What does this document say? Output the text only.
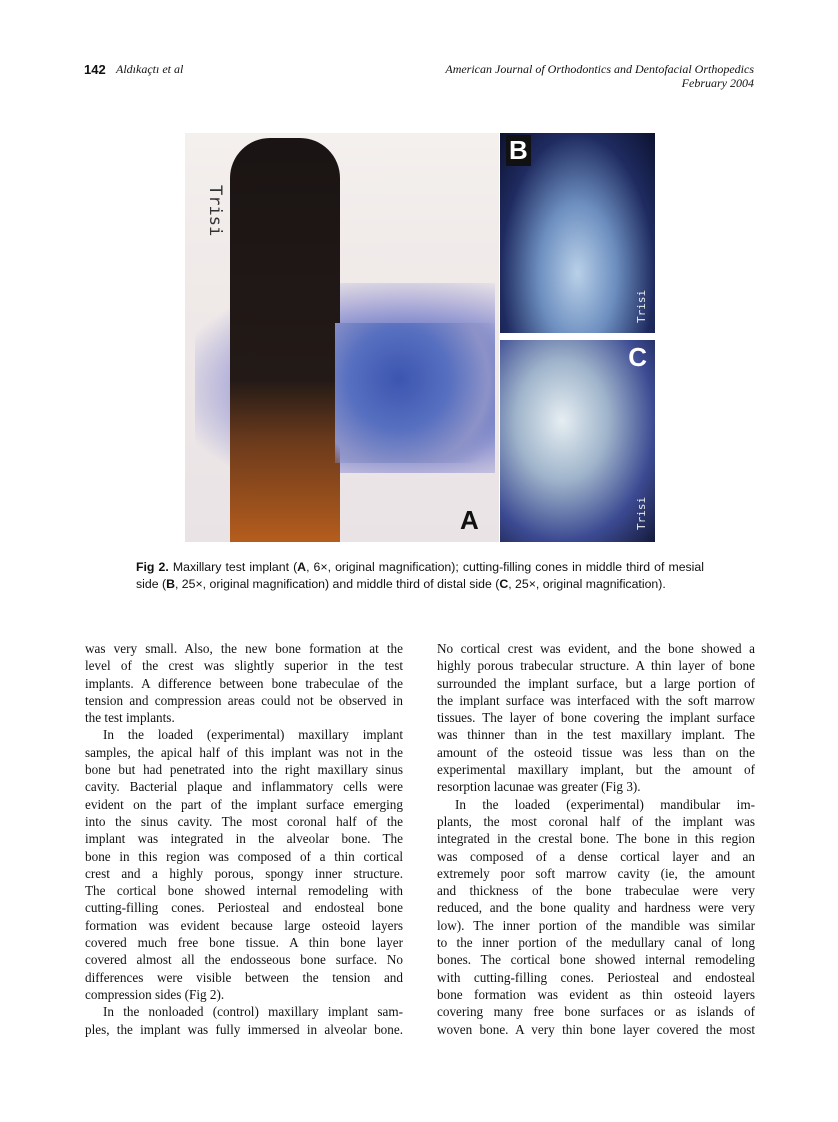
142 Aldıkaçtı et al	American Journal of Orthodontics and Dentofacial Orthopedics
February 2004
Trisi
A
B
Trisi
C
Trisi
Fig 2. Maxillary test implant (A, 6×, original magnification); cutting-filling cones in middle third of mesial side (B, 25×, original magnification) and middle third of distal side (C, 25×, original magnification).
was very small. Also, the new bone formation at the
level of the crest was slightly superior in the test
implants. A difference between bone trabeculae of the
tension and compression areas could not be observed in
the test implants.
In the loaded (experimental) maxillary implant
samples, the apical half of this implant was not in the
bone but had penetrated into the right maxillary sinus
cavity. Bacterial plaque and inflammatory cells were
evident on the part of the implant surface emerging
into the sinus cavity. The most coronal half of the
implant was integrated in the alveolar bone. The
bone in this region was composed of a thin cortical
crest and a highly porous, spongy inner structure.
The cortical bone showed internal remodeling with
cutting-filling cones. Periosteal and endosteal bone
formation was evident because large osteoid layers
covered much free bone tissue. A thin bone layer
covered almost all the endosseous bone surface. No
differences were visible between the tension and
compression sides (Fig 2).
In the nonloaded (control) maxillary implant sam-
ples, the implant was fully immersed in alveolar bone.
No cortical crest was evident, and the bone showed a
highly porous trabecular structure. A thin layer of bone
surrounded the implant surface, but a large portion of
the implant surface was interfaced with the soft marrow
tissues. The layer of bone covering the implant surface
was thinner than in the test maxillary implant. The
amount of the osteoid tissue was less than on the
experimental maxillary implant, but the amount of
resorption lacunae was greater (Fig 3).
In the loaded (experimental) mandibular im-
plants, the most coronal half of the implant was
integrated in the crestal bone. The bone in this region
was composed of a dense cortical layer and an
extremely poor soft marrow cavity (ie, the amount
and thickness of the bone trabeculae were very
reduced, and the bone quality and hardness were very
low). The inner portion of the mandible was similar
to the inner portion of the medullary canal of long
bones. The cortical bone showed internal remodeling
with cutting-filling cones. Periosteal and endosteal
bone formation was evident as thin osteoid layers
covering many free bone surfaces or as islands of
woven bone. A very thin bone layer covered the most
